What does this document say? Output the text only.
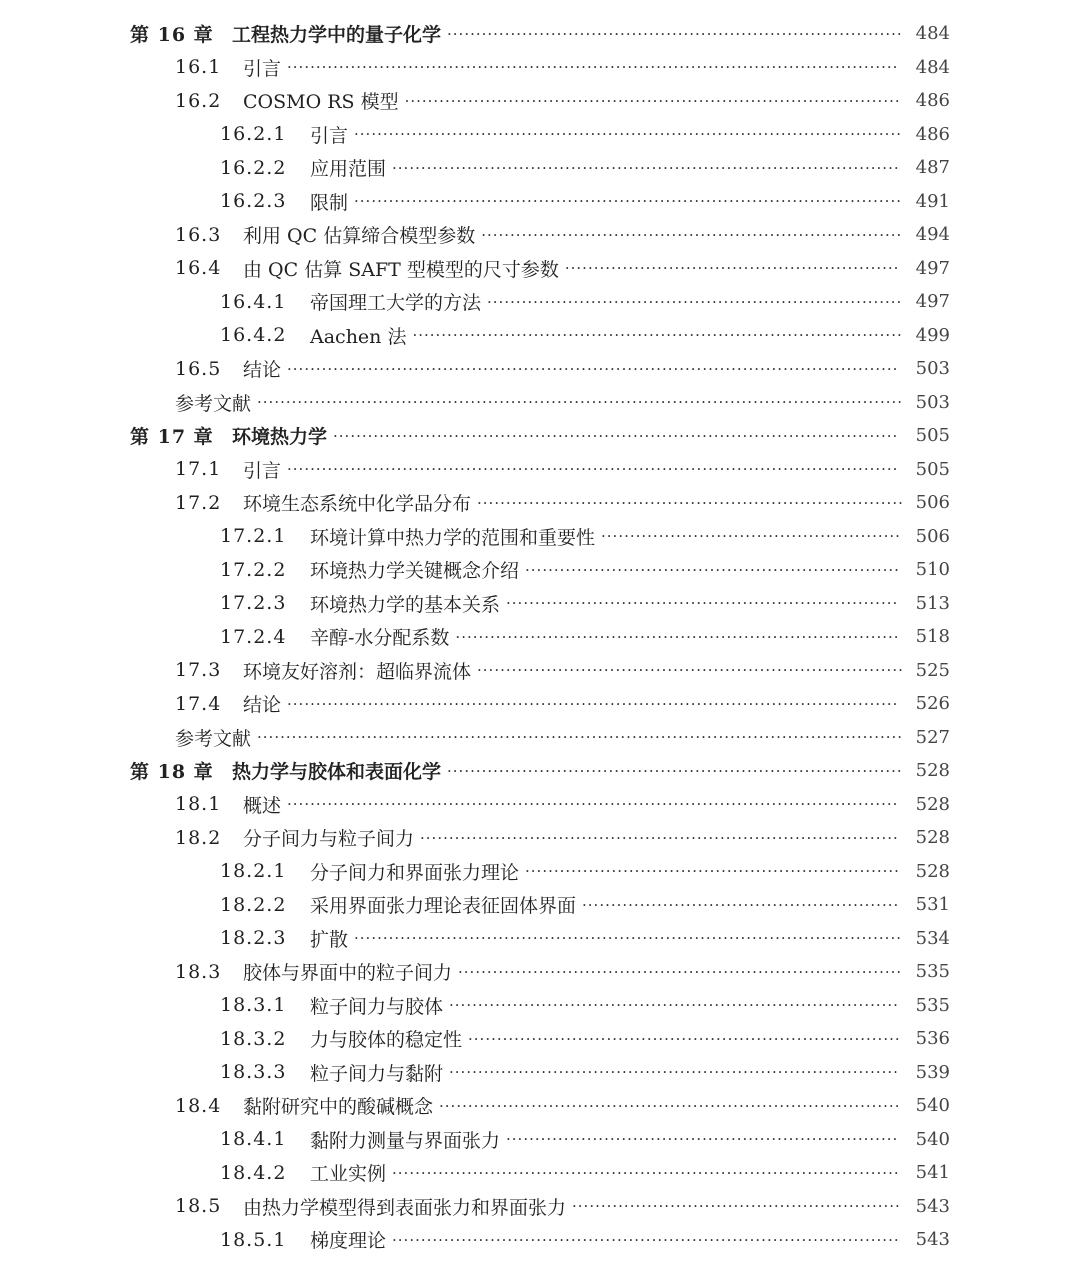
第 16 章 工程热力学中的量子化学 ··············································································· 484
16.1	引言 ·········································································································· 484
16.2	COSMO RS 模型 ······················································································ 486
16.2.1	引言 ······························································································· 486
16.2.2	应用范围 ························································································ 487
16.2.3	限制 ······························································································· 491
16.3	利用 QC 估算缔合模型参数 ········································································· 494
16.4	由 QC 估算 SAFT 型模型的尺寸参数 ·························································· 497
16.4.1	帝国理工大学的方法 ········································································ 497
16.4.2	Aachen 法 ····················································································· 499
16.5	结论 ·········································································································· 503
参考文献 ················································································································ 503
第 17 章 环境热力学 ·································································································· 505
17.1	引言 ·········································································································· 505
17.2	环境生态系统中化学品分布 ·········································································· 506
17.2.1	环境计算中热力学的范围和重要性 ···················································· 506
17.2.2	环境热力学关键概念介绍 ································································· 510
17.2.3	环境热力学的基本关系 ···································································· 513
17.2.4	辛醇-水分配系数 ············································································· 518
17.3	环境友好溶剂：超临界流体 ·········································································· 525
17.4	结论 ·········································································································· 526
参考文献 ················································································································ 527
第 18 章 热力学与胶体和表面化学 ··············································································· 528
18.1	概述 ·········································································································· 528
18.2	分子间力与粒子间力 ··················································································· 528
18.2.1	分子间力和界面张力理论 ································································· 528
18.2.2	采用界面张力理论表征固体界面 ······················································· 531
18.2.3	扩散 ······························································································· 534
18.3	胶体与界面中的粒子间力 ············································································· 535
18.3.1	粒子间力与胶体 ·············································································· 535
18.3.2	力与胶体的稳定性 ··········································································· 536
18.3.3	粒子间力与黏附 ·············································································· 539
18.4	黏附研究中的酸碱概念 ················································································ 540
18.4.1	黏附力测量与界面张力 ···································································· 540
18.4.2	工业实例 ························································································ 541
18.5	由热力学模型得到表面张力和界面张力 ························································· 543
18.5.1	梯度理论 ························································································ 543
